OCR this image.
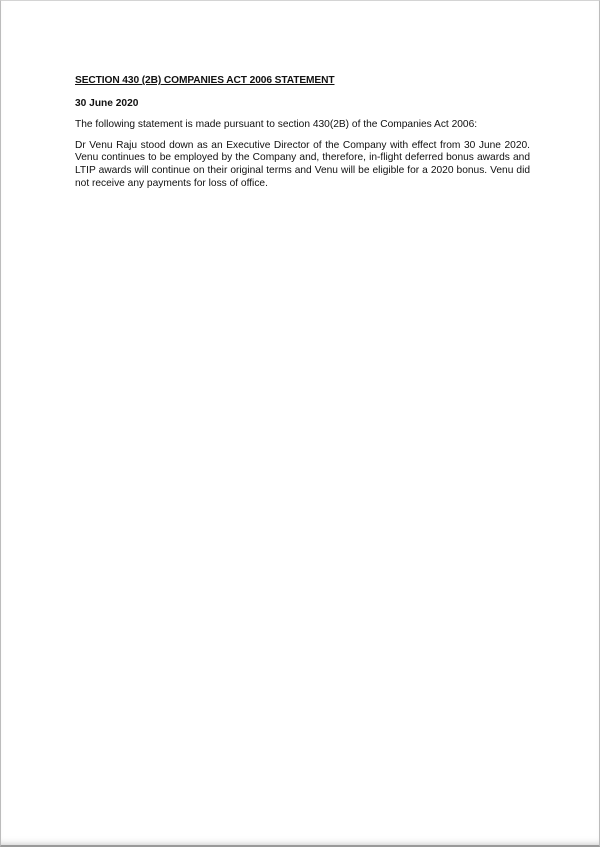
SECTION 430 (2B) COMPANIES ACT 2006 STATEMENT

30 June 2020

The following statement is made pursuant to section 430(2B) of the Companies Act 2006:

Dr Venu Raju stood down as an Executive Director of the Company with effect from 30 June 2020. Venu continues to be employed by the Company and, therefore, in-flight deferred bonus awards and LTIP awards will continue on their original terms and Venu will be eligible for a 2020 bonus. Venu did not receive any payments for loss of office.
